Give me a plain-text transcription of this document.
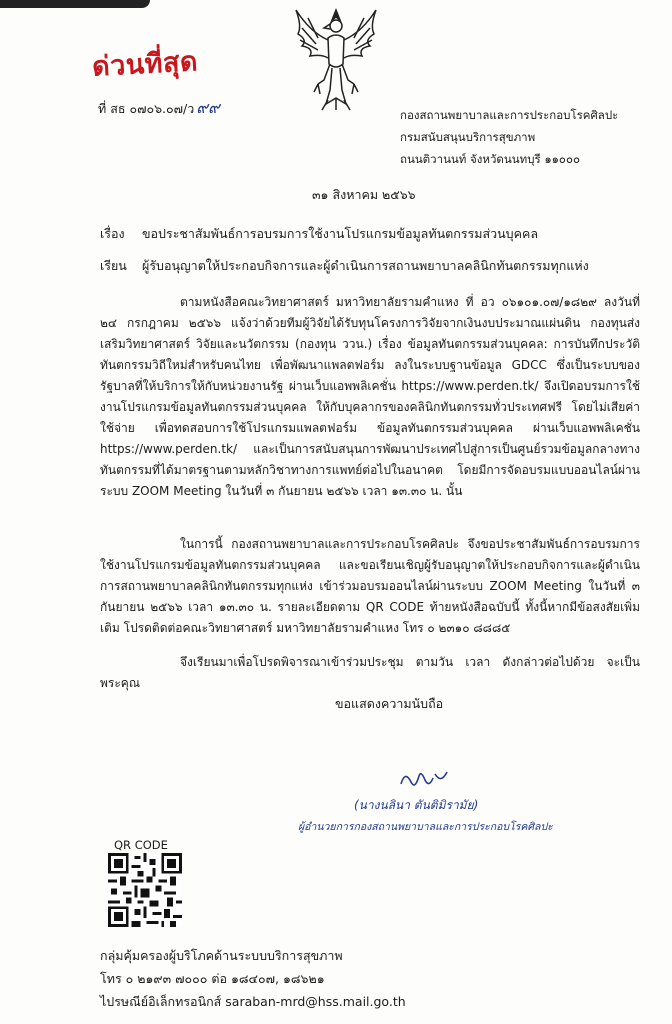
ด่วนที่สุด
ที่ สธ ๐๗๐๖.๐๗/ว ๙๙	กองสถานพยาบาลและการประกอบโรคศิลปะ
กรมสนับสนุนบริการสุขภาพ
ถนนติวานนท์ จังหวัดนนทบุรี ๑๑๐๐๐
๓๑ สิงหาคม ๒๕๖๖
เรื่อง ขอประชาสัมพันธ์การอบรมการใช้งานโปรแกรมข้อมูลทันตกรรมส่วนบุคคล
เรียน ผู้รับอนุญาตให้ประกอบกิจการและผู้ดำเนินการสถานพยาบาลคลินิกทันตกรรมทุกแห่ง
ตามหนังสือคณะวิทยาศาสตร์ มหาวิทยาลัยรามคำแหง ที่ อว ๐๖๑๐๑.๐๗/๑๘๒๙ ลงวันที่ ๒๔ กรกฎาคม ๒๕๖๖ แจ้งว่าด้วยทีมผู้วิจัยได้รับทุนโครงการวิจัยจากเงินงบประมาณแผ่นดิน กองทุนส่งเสริมวิทยาศาสตร์ วิจัยและนวัตกรรม (กองทุน ววน.) เรื่อง ข้อมูลทันตกรรมส่วนบุคคล: การบันทึกประวัติทันตกรรมวิถีใหม่สำหรับคนไทย เพื่อพัฒนาแพลตฟอร์ม ลงในระบบฐานข้อมูล GDCC ซึ่งเป็นระบบของรัฐบาลที่ให้บริการให้กับหน่วยงานรัฐ ผ่านเว็บแอพพลิเคชั่น https://www.perden.tk/ จึงเปิดอบรมการใช้งานโปรแกรมข้อมูลทันตกรรมส่วนบุคคล ให้กับบุคลากรของคลินิกทันตกรรมทั่วประเทศฟรี โดยไม่เสียค่าใช้จ่าย เพื่อทดสอบการใช้โปรแกรมแพลตฟอร์ม ข้อมูลทันตกรรมส่วนบุคคล ผ่านเว็บแอพพลิเคชั่น https://www.perden.tk/ และเป็นการสนับสนุนการพัฒนาประเทศไปสู่การเป็นศูนย์รวมข้อมูลกลางทางทันตกรรมที่ได้มาตรฐานตามหลักวิชาทางการแพทย์ต่อไปในอนาคต โดยมีการจัดอบรมแบบออนไลน์ผ่านระบบ ZOOM Meeting ในวันที่ ๓ กันยายน ๒๕๖๖ เวลา ๑๓.๓๐ น. นั้น
ในการนี้ กองสถานพยาบาลและการประกอบโรคศิลปะ จึงขอประชาสัมพันธ์การอบรมการใช้งานโปรแกรมข้อมูลทันตกรรมส่วนบุคคล และขอเรียนเชิญผู้รับอนุญาตให้ประกอบกิจการและผู้ดำเนินการสถานพยาบาลคลินิกทันตกรรมทุกแห่ง เข้าร่วมอบรมออนไลน์ผ่านระบบ ZOOM Meeting ในวันที่ ๓ กันยายน ๒๕๖๖ เวลา ๑๓.๓๐ น. รายละเอียดตาม QR CODE ท้ายหนังสือฉบับนี้ ทั้งนี้หากมีข้อสงสัยเพิ่มเติม โปรดติดต่อคณะวิทยาศาสตร์ มหาวิทยาลัยรามคำแหง โทร ๐ ๒๓๑๐ ๘๘๘๕
จึงเรียนมาเพื่อโปรดพิจารณาเข้าร่วมประชุม ตามวัน เวลา ดังกล่าวต่อไปด้วย จะเป็นพระคุณ
ขอแสดงความนับถือ
(นางนลินา ตันติมิรามัย)
ผู้อำนวยการกองสถานพยาบาลและการประกอบโรคศิลปะ
QR CODE
กลุ่มคุ้มครองผู้บริโภคด้านระบบบริการสุขภาพ
โทร ๐ ๒๑๙๓ ๗๐๐๐ ต่อ ๑๘๔๐๗, ๑๘๖๒๑
ไปรษณีย์อิเล็กทรอนิกส์ saraban-mrd@hss.mail.go.th
